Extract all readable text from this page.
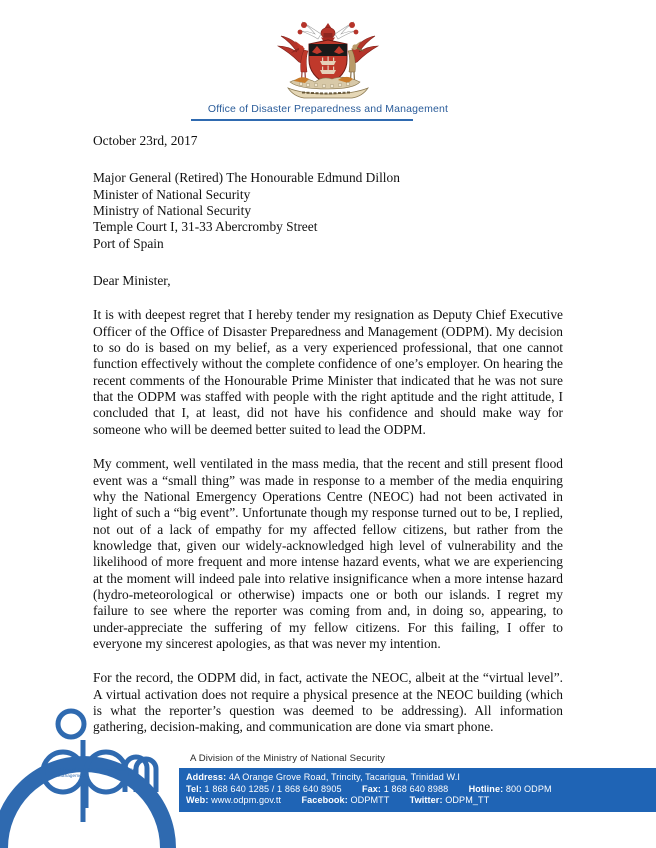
Office of Disaster Preparedness and Management
October 23rd, 2017
Major General (Retired) The Honourable Edmund Dillon
Minister of National Security
Ministry of National Security
Temple Court I, 31-33 Abercromby Street
Port of Spain
Dear Minister,

It is with deepest regret that I hereby tender my resignation as Deputy Chief Executive Officer of the Office of Disaster Preparedness and Management (ODPM). My decision to so do is based on my belief, as a very experienced professional, that one cannot function effectively without the complete confidence of one’s employer. On hearing the recent comments of the Honourable Prime Minister that indicated that he was not sure that the ODPM was staffed with people with the right aptitude and the right attitude, I concluded that I, at least, did not have his confidence and should make way for someone who will be deemed better suited to lead the ODPM.

My comment, well ventilated in the mass media, that the recent and still present flood event was a “small thing” was made in response to a member of the media enquiring why the National Emergency Operations Centre (NEOC) had not been activated in light of such a “big event”. Unfortunate though my response turned out to be, I replied, not out of a lack of empathy for my affected fellow citizens, but rather from the knowledge that, given our widely-acknowledged high level of vulnerability and the likelihood of more frequent and more intense hazard events, what we are experiencing at the moment will indeed pale into relative insignificance when a more intense hazard (hydro-meteorological or otherwise) impacts one or both our islands. I regret my failure to see where the reporter was coming from and, in doing so, appearing, to under-appreciate the suffering of my fellow citizens. For this failing, I offer to everyone my sincerest apologies, as that was never my intention.

For the record, the ODPM did, in fact, activate the NEOC, albeit at the “virtual level”. A virtual activation does not require a physical presence at the NEOC building (which is what the reporter’s question was deemed to be addressing). All information gathering, decision-making, and communication are done via smart phone.

Office of Disaster Preparedness and Management
A Division of the Ministry of National Security
Address: 4A Orange Grove Road, Trincity, Tacarigua, Trinidad W.I
Tel: 1 868 640 1285 / 1 868 640 8905 Fax: 1 868 640 8988 Hotline: 800 ODPM
Web: www.odpm.gov.tt Facebook: ODPMTT Twitter: ODPM_TT
